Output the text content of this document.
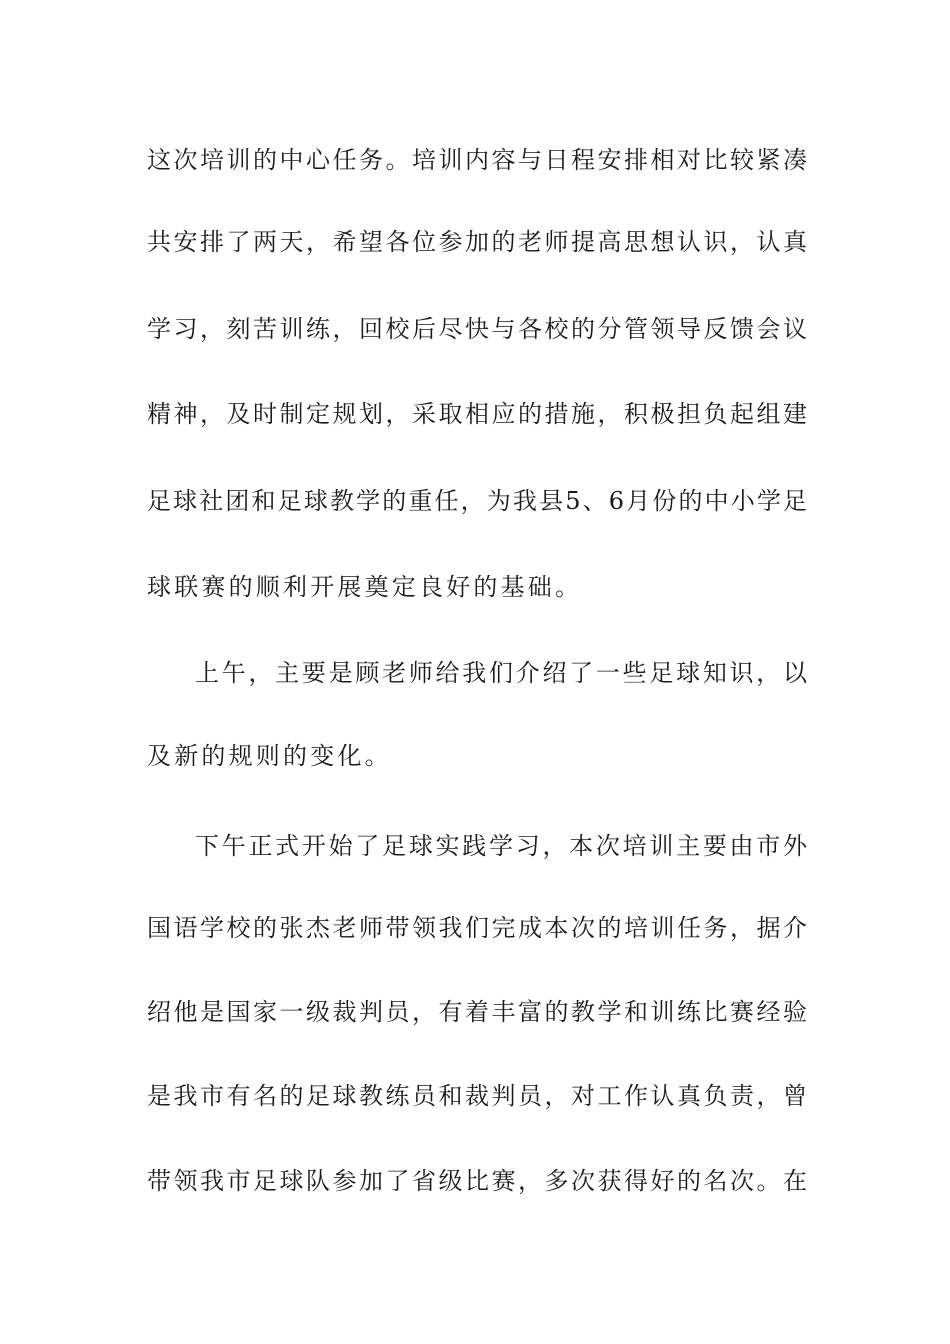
这次培训的中心任务。培训内容与日程安排相对比较紧凑
共安排了两天，希望各位参加的老师提高思想认识，认真
学习，刻苦训练，回校后尽快与各校的分管领导反馈会议
精神，及时制定规划，采取相应的措施，积极担负起组建
足球社团和足球教学的重任，为我县5、6月份的中小学足
球联赛的顺利开展奠定良好的基础。
上午，主要是顾老师给我们介绍了一些足球知识，以
及新的规则的变化。
下午正式开始了足球实践学习，本次培训主要由市外
国语学校的张杰老师带领我们完成本次的培训任务，据介
绍他是国家一级裁判员，有着丰富的教学和训练比赛经验
是我市有名的足球教练员和裁判员，对工作认真负责，曾
带领我市足球队参加了省级比赛，多次获得好的名次。在
